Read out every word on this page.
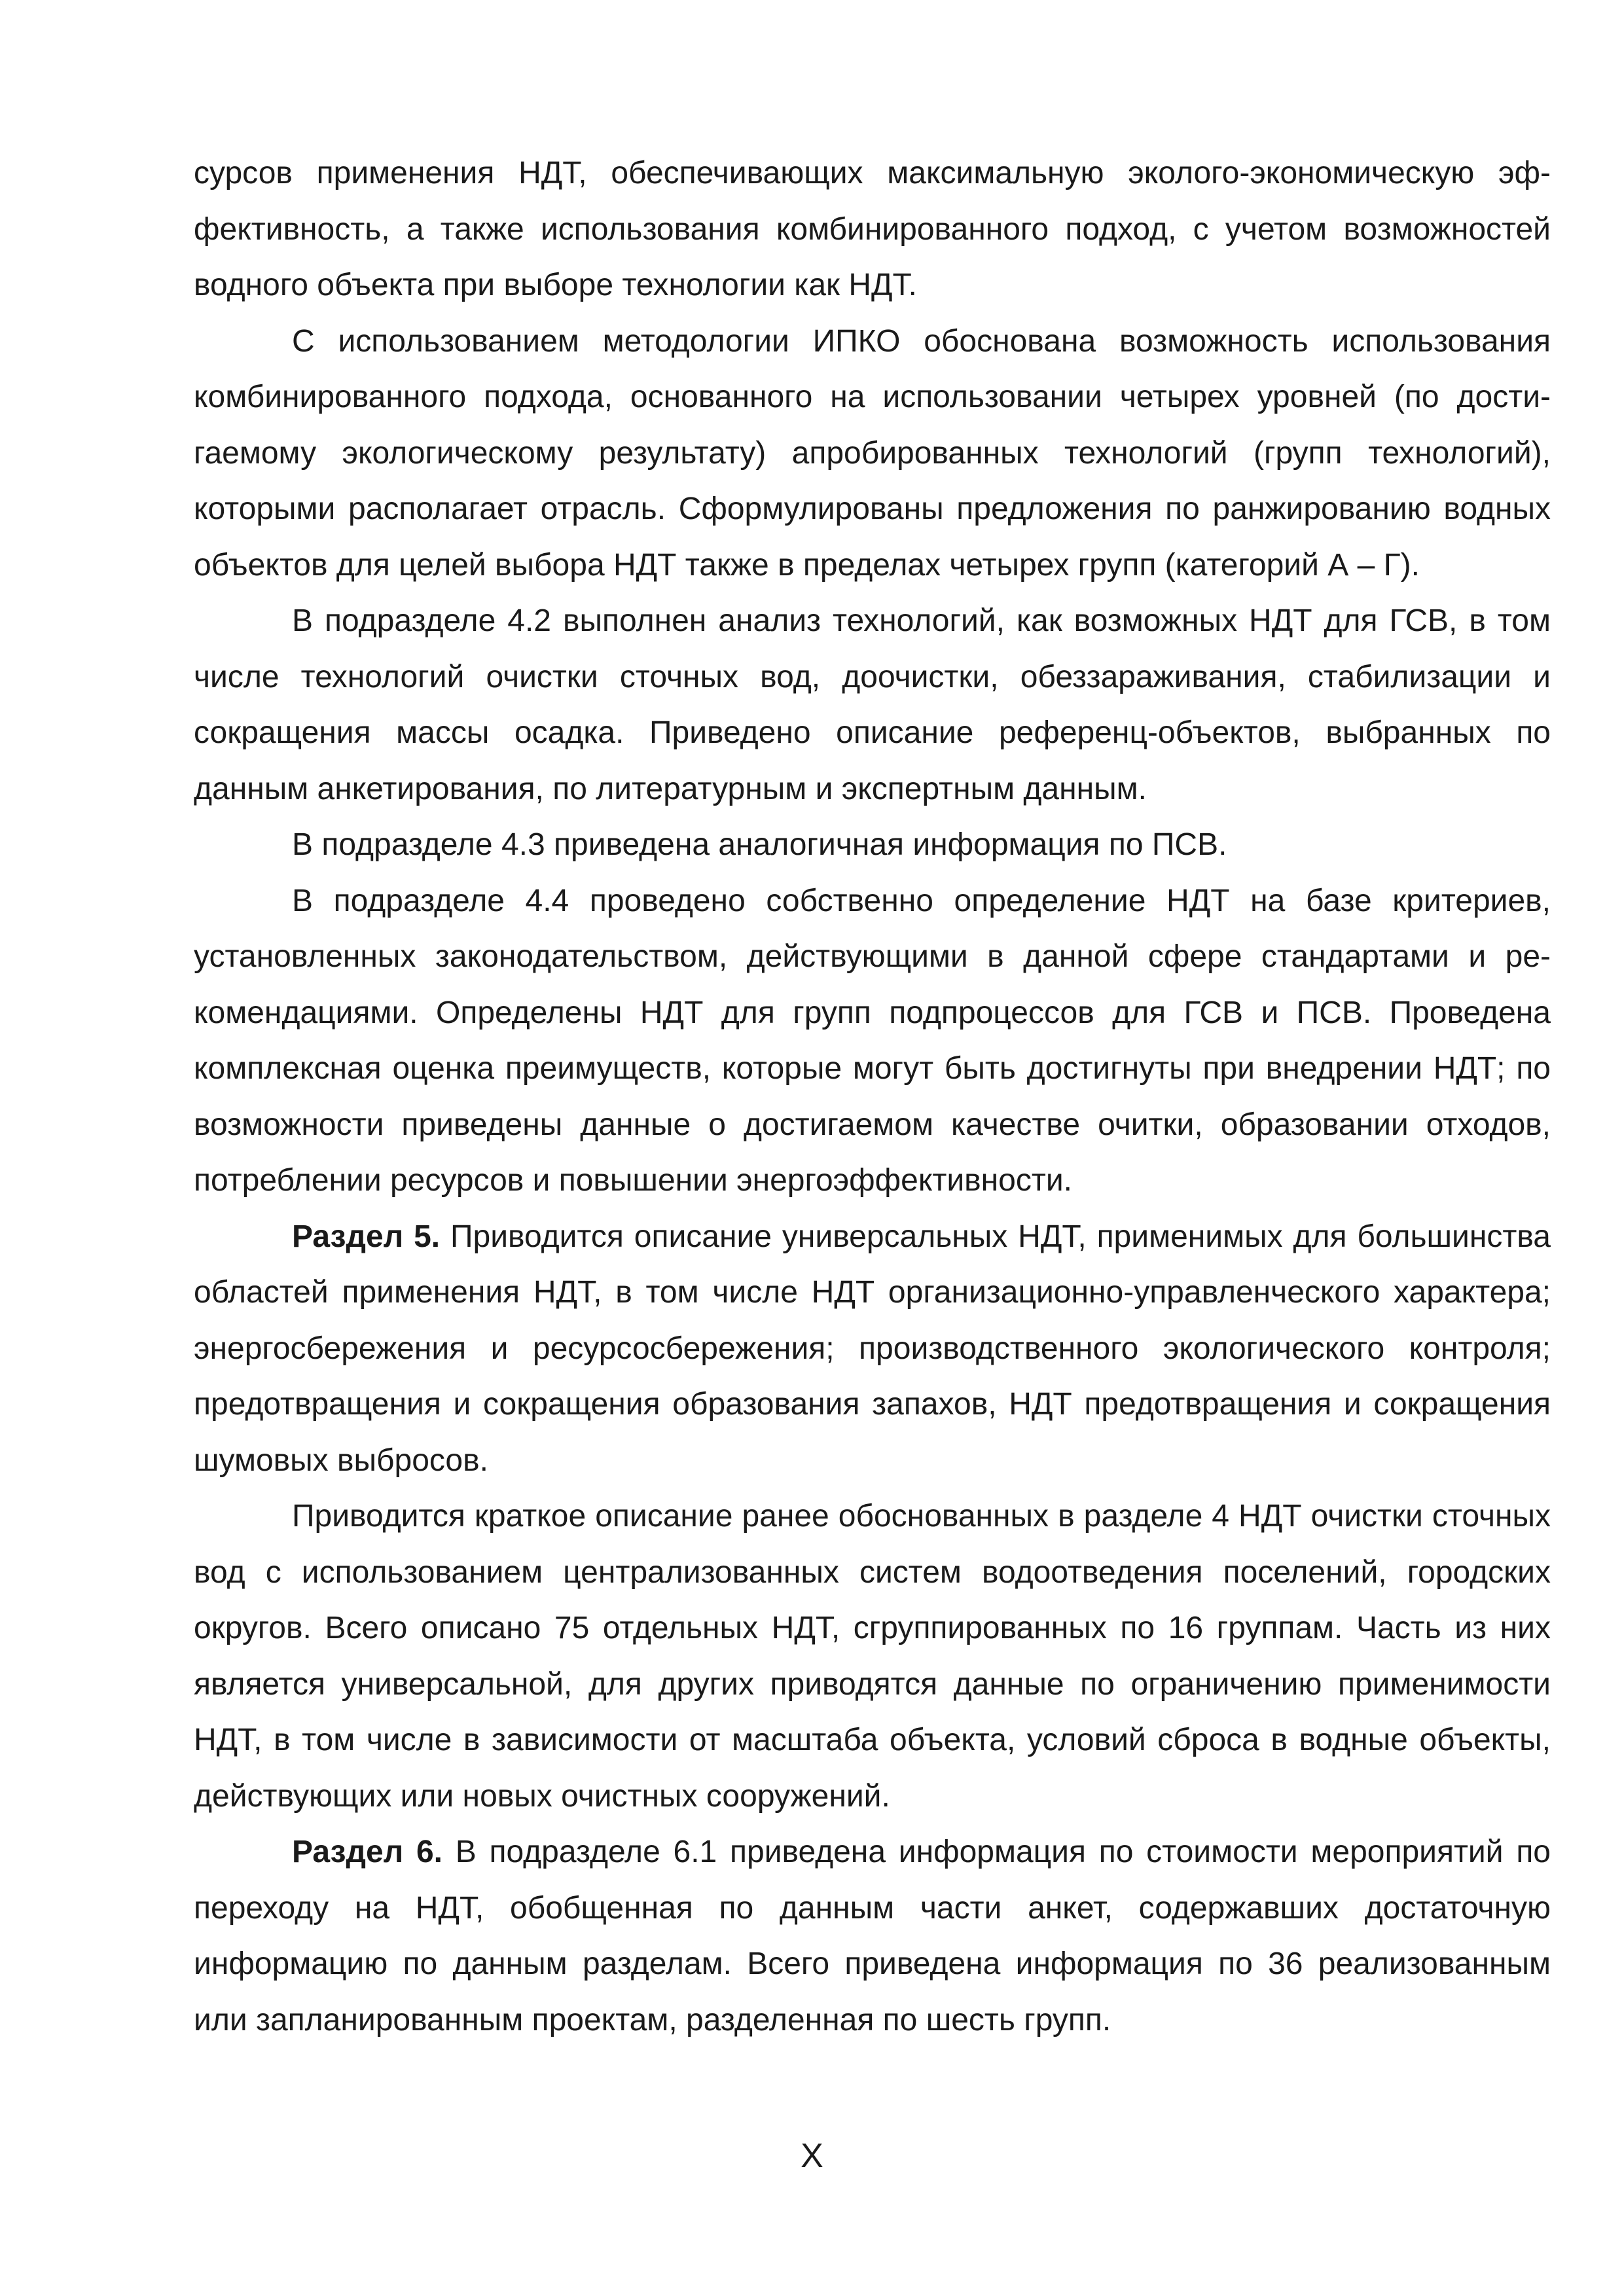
сурсов применения НДТ, обеспечивающих максимальную эколого-экономическую эффективность, а также использования комбинированного подход, с учетом возможностей водного объекта при выборе технологии как НДТ.

С использованием методологии ИПКО обоснована возможность использования комбинированного подхода, основанного на использовании четырех уровней (по достигаемому экологическому результату) апробированных технологий (групп технологий), которыми располагает отрасль. Сформулированы предложения по ранжированию водных объектов для целей выбора НДТ также в пределах четырех групп (категорий А – Г).

В подразделе 4.2 выполнен анализ технологий, как возможных НДТ для ГСВ, в том числе технологий очистки сточных вод, доочистки, обеззараживания, стабилизации и сокращения массы осадка. Приведено описание референц-объектов, выбранных по данным анкетирования, по литературным и экспертным данным.

В подразделе 4.3 приведена аналогичная информация по ПСВ.

В подразделе 4.4 проведено собственно определение НДТ на базе критериев, установленных законодательством, действующими в данной сфере стандартами и рекомендациями. Определены НДТ для групп подпроцессов для ГСВ и ПСВ. Проведена комплексная оценка преимуществ, которые могут быть достигнуты при внедрении НДТ; по возможности приведены данные о достигаемом качестве очитки, образовании отходов, потреблении ресурсов и повышении энергоэффективности.

Раздел 5. Приводится описание универсальных НДТ, применимых для большинства областей применения НДТ, в том числе НДТ организационно-управленческого характера; энергосбережения и ресурсосбережения; производственного экологического контроля; предотвращения и сокращения образования запахов, НДТ предотвращения и сокращения шумовых выбросов.

Приводится краткое описание ранее обоснованных в разделе 4 НДТ очистки сточных вод с использованием централизованных систем водоотведения поселений, городских округов. Всего описано 75 отдельных НДТ, сгруппированных по 16 группам. Часть из них является универсальной, для других приводятся данные по ограничению применимости НДТ, в том числе в зависимости от масштаба объекта, условий сброса в водные объекты, действующих или новых очистных сооружений.

Раздел 6. В подразделе 6.1 приведена информация по стоимости мероприятий по переходу на НДТ, обобщенная по данным части анкет, содержавших достаточную информацию по данным разделам. Всего приведена информация по 36 реализованным или запланированным проектам, разделенная по шесть групп.

X
